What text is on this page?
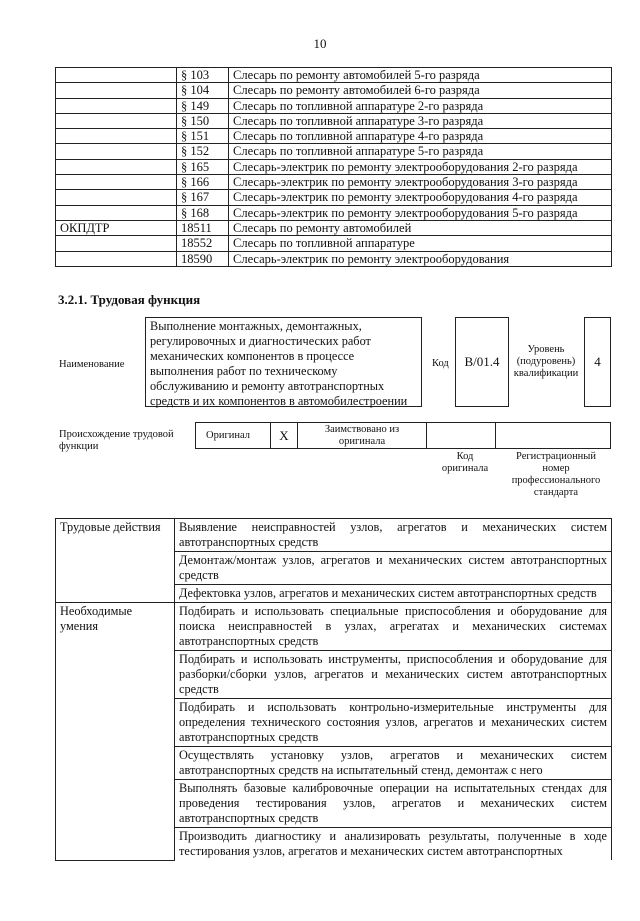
10
	§ 103	Слесарь по ремонту автомобилей 5-го разряда
	§ 104	Слесарь по ремонту автомобилей 6-го разряда
	§ 149	Слесарь по топливной аппаратуре 2-го разряда
	§ 150	Слесарь по топливной аппаратуре 3-го разряда
	§ 151	Слесарь по топливной аппаратуре 4-го разряда
	§ 152	Слесарь по топливной аппаратуре 5-го разряда
	§ 165	Слесарь-электрик по ремонту электрооборудования 2-го разряда
	§ 166	Слесарь-электрик по ремонту электрооборудования 3-го разряда
	§ 167	Слесарь-электрик по ремонту электрооборудования 4-го разряда
	§ 168	Слесарь-электрик по ремонту электрооборудования 5-го разряда
ОКПДТР	18511	Слесарь по ремонту автомобилей
	18552	Слесарь по топливной аппаратуре
	18590	Слесарь-электрик по ремонту электрооборудования
3.2.1. Трудовая функция
Наименование
Выполнение монтажных, демонтажных, регулировочных и диагностических работ механических компонентов в процессе выполнения работ по техническому обслуживанию и ремонту автотранспортных средств и их компонентов в автомобилестроении
Код	B/01.4
Уровень (подуровень) квалификации
4
Происхождение трудовой функции
Оригинал	X	Заимствовано из оригинала		
Код оригинала
Регистрационный номер профессионального стандарта
Трудовые действия	Выявление неисправностей узлов, агрегатов и механических систем автотранспортных средств
	Демонтаж/монтаж узлов, агрегатов и механических систем автотранспортных средств
	Дефектовка узлов, агрегатов и механических систем автотранспортных средств
Необходимые умения	Подбирать и использовать специальные приспособления и оборудование для поиска неисправностей в узлах, агрегатах и механических системах автотранспортных средств
	Подбирать и использовать инструменты, приспособления и оборудование для разборки/сборки узлов, агрегатов и механических систем автотранспортных средств
	Подбирать и использовать контрольно-измерительные инструменты для определения технического состояния узлов, агрегатов и механических систем автотранспортных средств
	Осуществлять установку узлов, агрегатов и механических систем автотранспортных средств на испытательный стенд, демонтаж с него
	Выполнять базовые калибровочные операции на испытательных стендах для проведения тестирования узлов, агрегатов и механических систем автотранспортных средств
	Производить диагностику и анализировать результаты, полученные в ходе тестирования узлов, агрегатов и механических систем автотранспортных
